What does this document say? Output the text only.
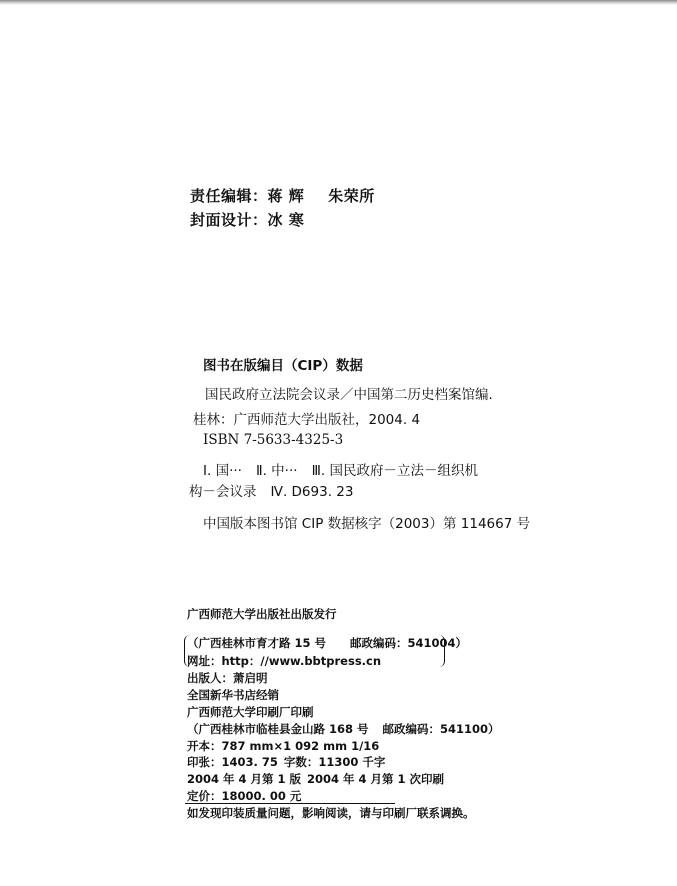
责任编辑：蒋 辉 朱荣所
封面设计：冰 寒
图书在版编目（CIP）数据
国民政府立法院会议录／中国第二历史档案馆编.
桂林：广西师范大学出版社，2004. 4
ISBN 7-5633-4325-3
Ⅰ. 国··· Ⅱ. 中··· Ⅲ. 国民政府－立法－组织机
构－会议录 Ⅳ. D693. 23
中国版本图书馆 CIP 数据核字（2003）第 114667 号
广西师范大学出版社出版发行
（广西桂林市育才路 15 号 邮政编码：541004）
网址：http：//www.bbtpress.cn
出版人：萧启明
全国新华书店经销
广西师范大学印刷厂印刷
（广西桂林市临桂县金山路 168 号 邮政编码：541100）
开本：787 mm×1 092 mm 1/16
印张：1403. 75 字数：11300 千字
2004 年 4 月第 1 版 2004 年 4 月第 1 次印刷
定价：18000. 00 元
如发现印装质量问题，影响阅读，请与印刷厂联系调换。
